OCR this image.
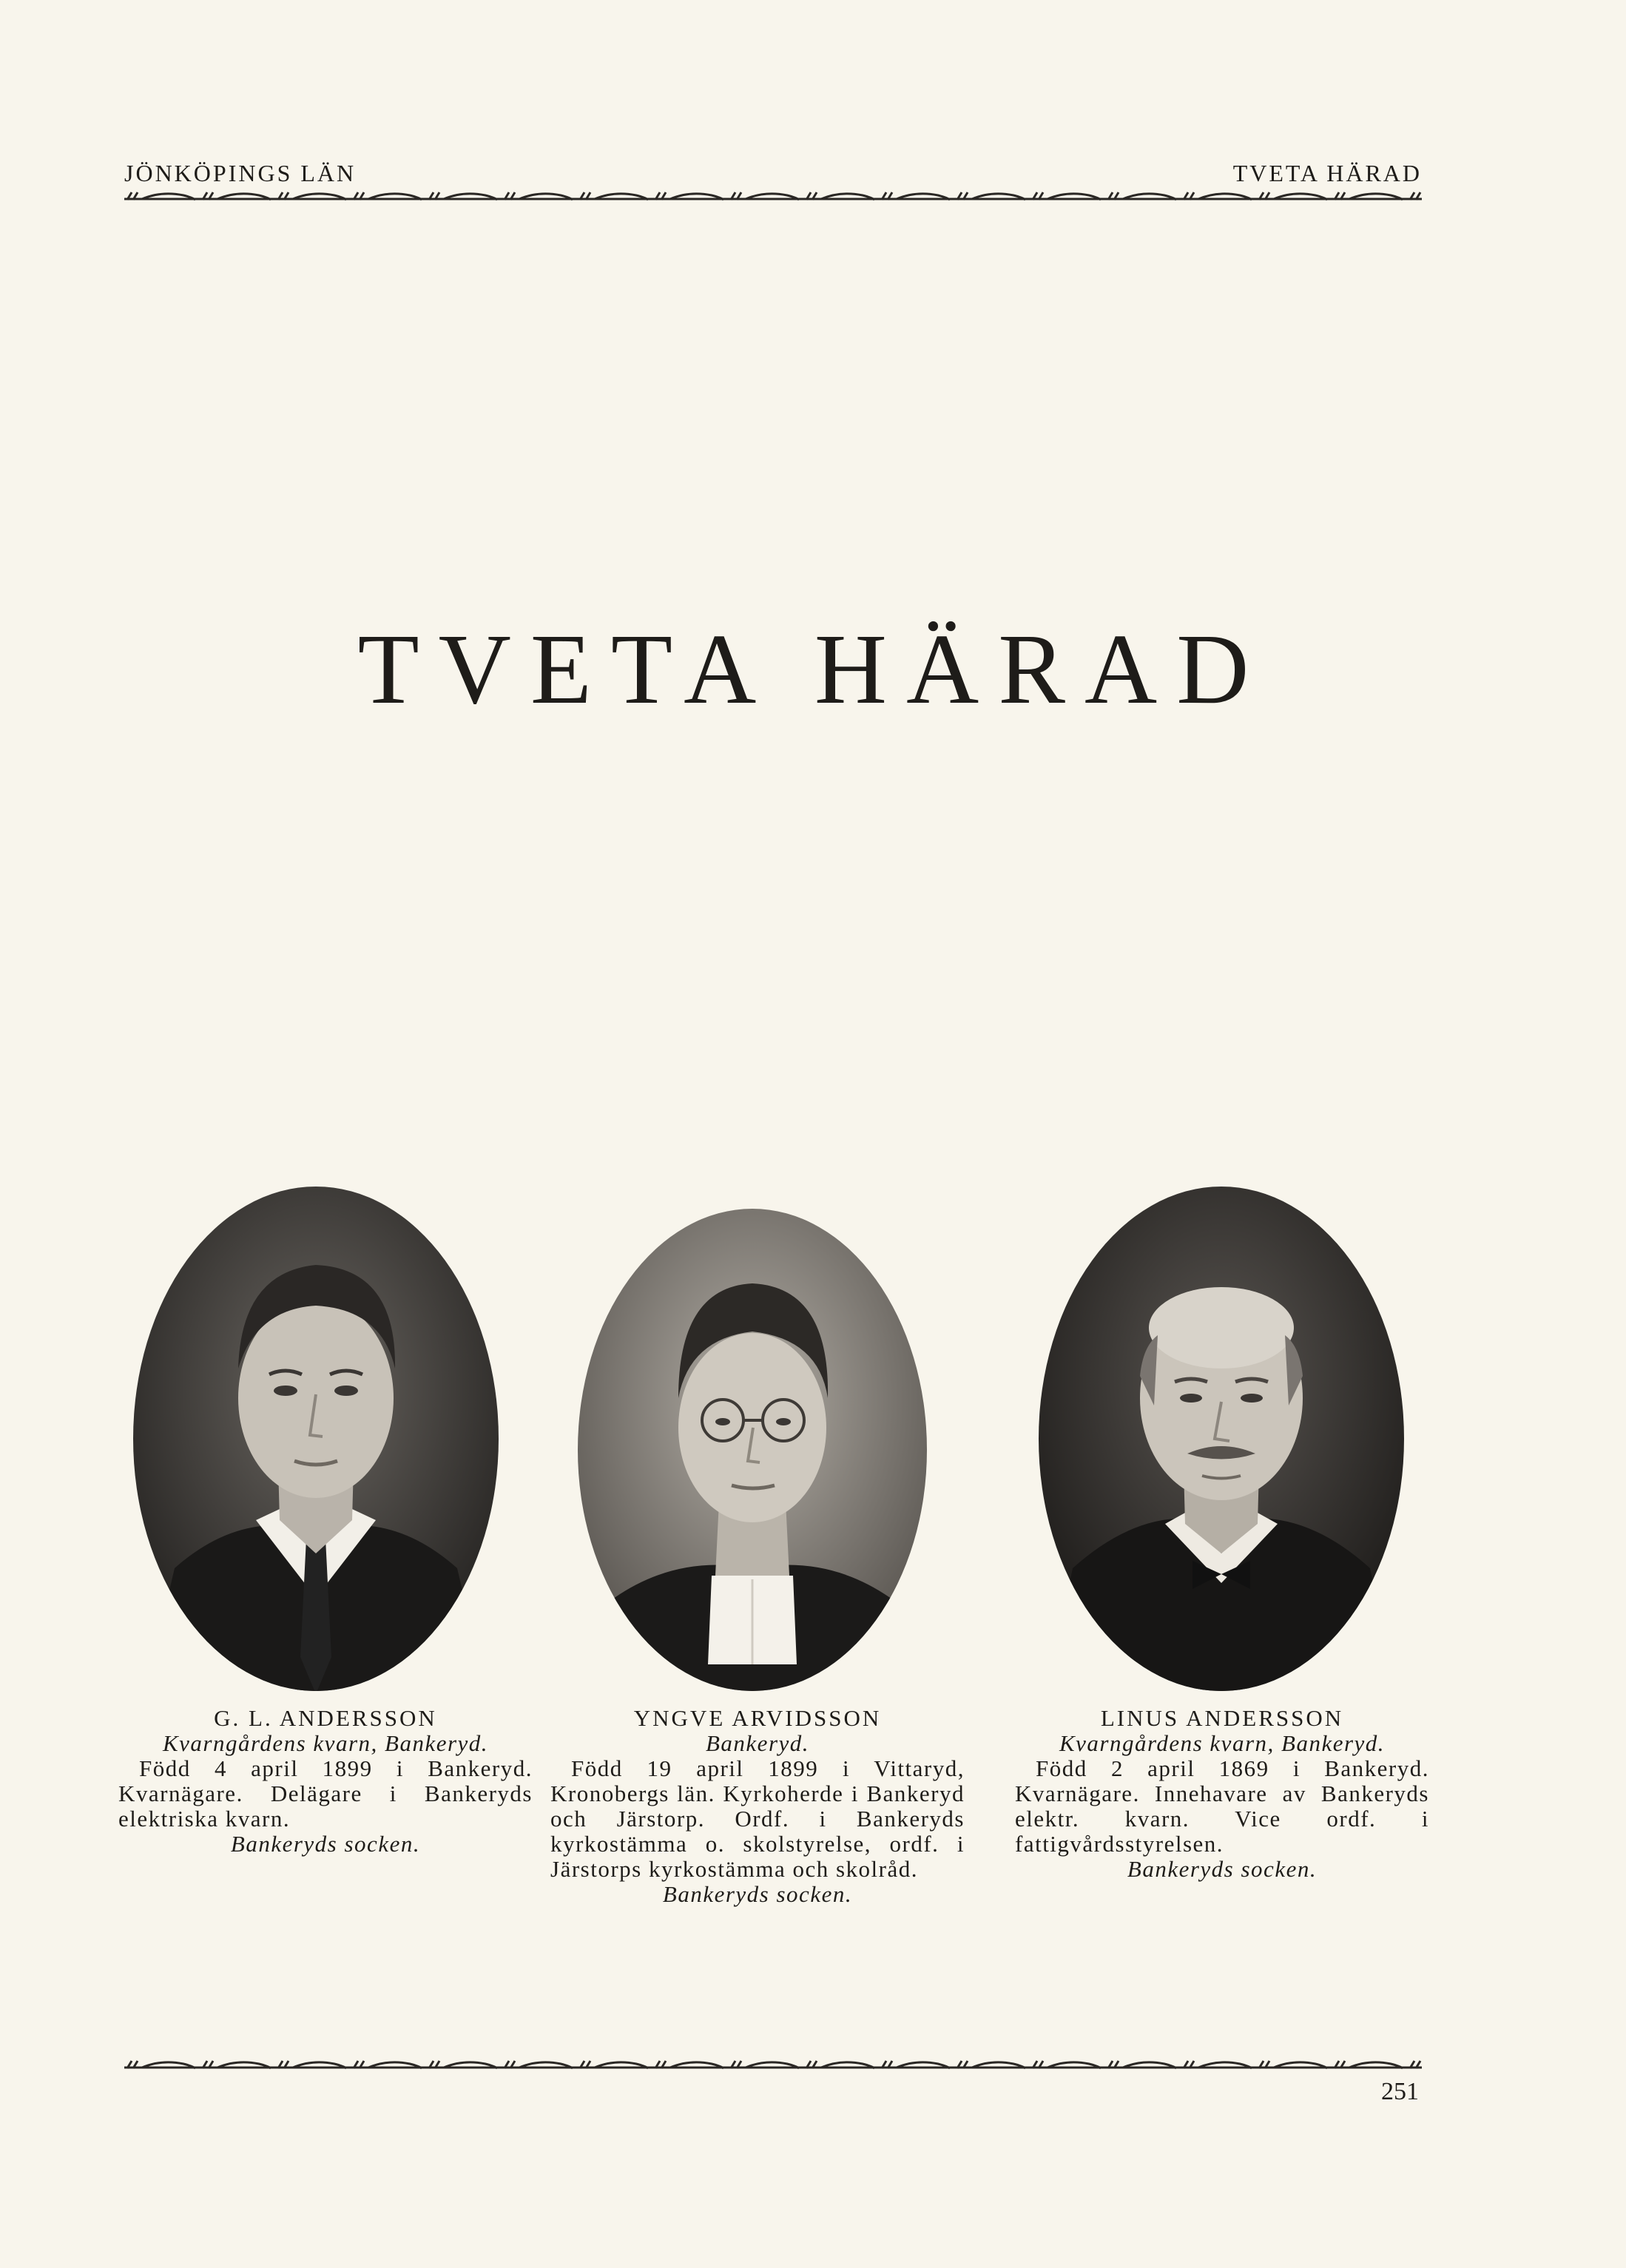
JÖNKÖPINGS LÄN	TVETA HÄRAD
TVETA HÄRAD
G. L. ANDERSSON
Kvarngårdens kvarn, Bankeryd.
Född 4 april 1899 i Bankeryd. Kvarnägare. Delägare i Bankeryds elektriska kvarn.
Bankeryds socken.
YNGVE ARVIDSSON
Bankeryd.
Född 19 april 1899 i Vittaryd, Kronobergs län. Kyrkoherde i Bankeryd och Järstorp. Ordf. i Bankeryds kyrkostämma o. skolstyrelse, ordf. i Järstorps kyrkostämma och skolråd.
Bankeryds socken.
LINUS ANDERSSON
Kvarngårdens kvarn, Bankeryd.
Född 2 april 1869 i Bankeryd. Kvarnägare. Innehavare av Bankeryds elektr. kvarn. Vice ordf. i fattigvårdsstyrelsen.
Bankeryds socken.
251
